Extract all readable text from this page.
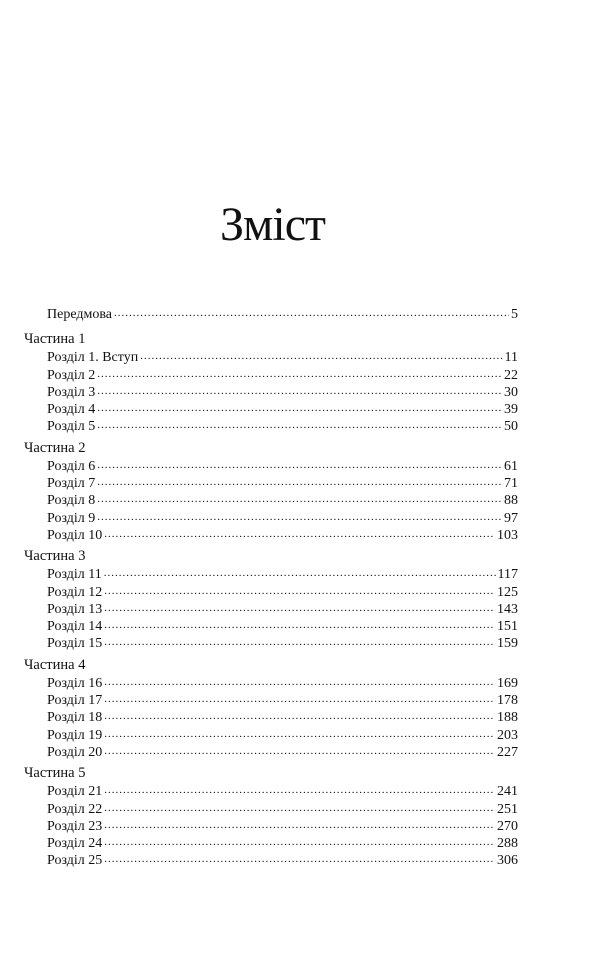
Зміст
Передмова .....	5
Частина 1
Розділ 1. Вступ .....	11
Розділ 2 .....	22
Розділ 3 .....	30
Розділ 4 .....	39
Розділ 5 .....	50
Частина 2
Розділ 6 .....	61
Розділ 7 .....	71
Розділ 8 .....	88
Розділ 9 .....	97
Розділ 10 .....	103
Частина 3
Розділ 11 .....	117
Розділ 12 .....	125
Розділ 13 .....	143
Розділ 14 .....	151
Розділ 15 .....	159
Частина 4
Розділ 16 .....	169
Розділ 17 .....	178
Розділ 18 .....	188
Розділ 19 .....	203
Розділ 20 .....	227
Частина 5
Розділ 21 .....	241
Розділ 22 .....	251
Розділ 23 .....	270
Розділ 24 .....	288
Розділ 25 .....	306
